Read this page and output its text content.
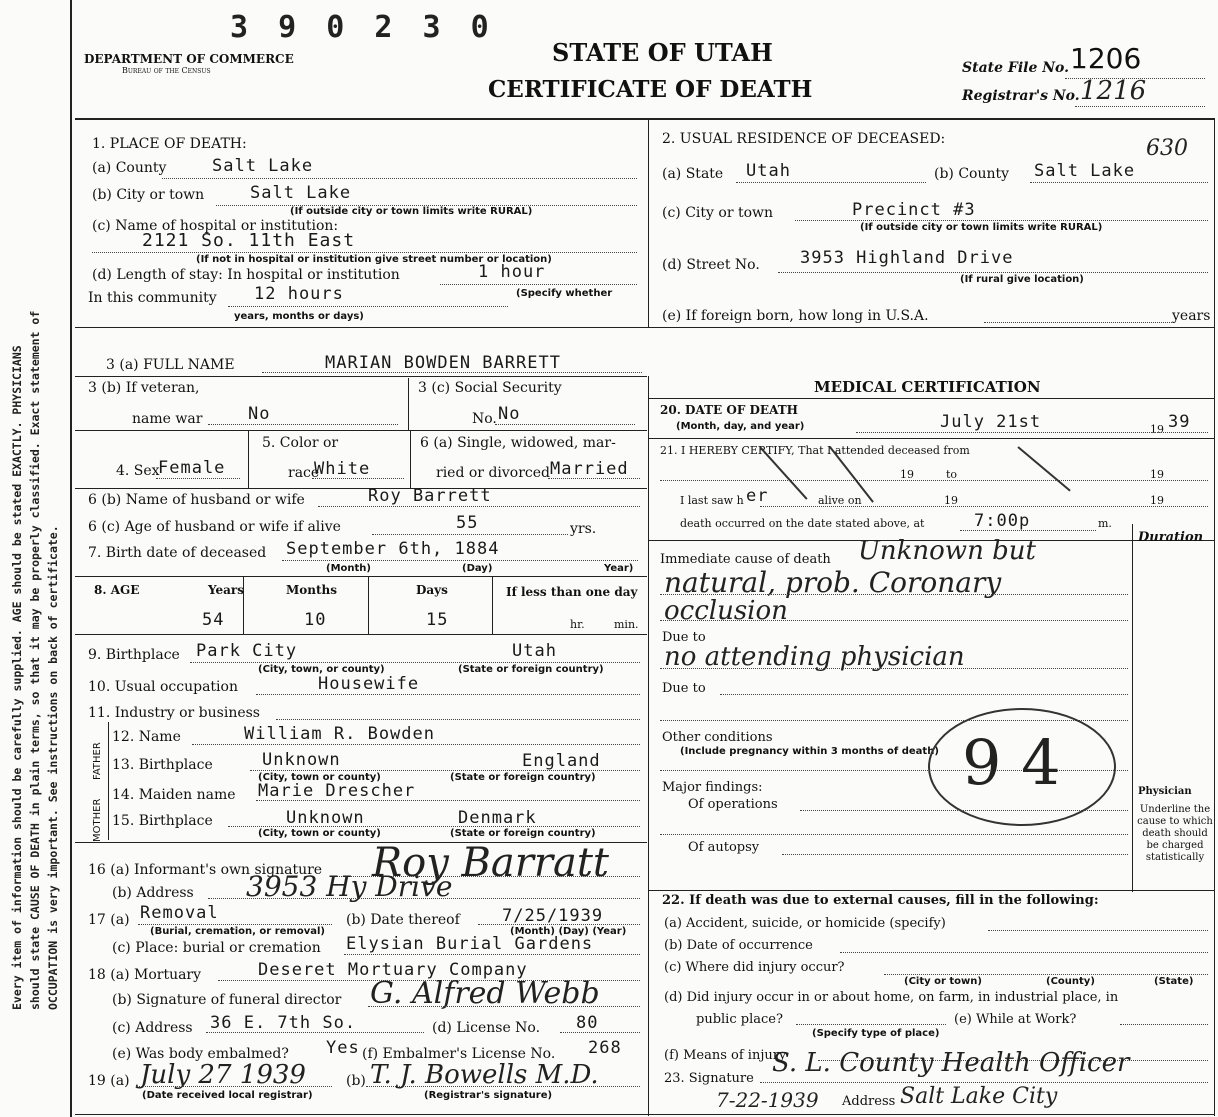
Every item of information should be carefully supplied. AGE should be stated EXACTLY. PHYSICIANS should state CAUSE OF DEATH in plain terms, so that it may be properly classified. Exact statement of OCCUPATION is very important. See instructions on back of certificate.
3 9 0 2 3 0
DEPARTMENT OF COMMERCE
Bureau of the Census
STATE OF UTAH
CERTIFICATE OF DEATH
State File No. 1206
Registrar's No. 1216
1. PLACE OF DEATH:
(a) County	Salt Lake
(b) City or town	Salt Lake
(If outside city or town limits write RURAL)
(c) Name of hospital or institution:
2121 So. 11th East
(If not in hospital or institution give street number or location)
(d) Length of stay: In hospital or institution	1 hour
In this community 12 hours	(Specify whether
years, months or days)
2. USUAL RESIDENCE OF DECEASED:	630
(a) State Utah	(b) County Salt Lake
(c) City or town	Precinct #3
(If outside city or town limits write RURAL)
(d) Street No. 3953 Highland Drive
(If rural give location)
(e) If foreign born, how long in U.S.A.	years
3 (a) FULL NAME	MARIAN BOWDEN BARRETT
3 (b) If veteran,
name war	No
3 (c) Social Security
No. No
4. Sex
Female
5. Color or
race
White
6 (a) Single, widowed, mar-
ried or divorced Married
6 (b) Name of husband or wife	Roy Barrett
6 (c) Age of husband or wife if alive	55	yrs.
7. Birth date of deceased September 6th, 1884
(Month)	(Day)	Year)
8. AGE	Years	Months	Days	If less than one day
54	10	15	hr.	min.
9. Birthplace Park City	Utah
(City, town, or county)	(State or foreign country)
10. Usual occupation	Housewife
11. Industry or business
FATHER
MOTHER
12. Name	William R. Bowden
13. Birthplace	Unknown	England
(City, town or county)	(State or foreign country)
14. Maiden name Marie Drescher
15. Birthplace	Unknown	Denmark
(City, town or county)	(State or foreign country)
16 (a) Informant's own signature Roy Barratt
(b) Address 3953 Hy Drive
17 (a) Removal
(Burial, cremation, or removal)
(b) Date thereof 7/25/1939
(Month) (Day) (Year)
(c) Place: burial or cremation Elysian Burial Gardens
18 (a) Mortuary	Deseret Mortuary Company
(b) Signature of funeral director G. Alfred Webb
(c) Address 36 E. 7th So.	(d) License No. 80
(e) Was body embalmed? Yes (f) Embalmer's License No. 268
19 (a) July 27 1939
(Date received local registrar)
(b) T. J. Bowells M.D.
(Registrar's signature)
MEDICAL CERTIFICATION
20. DATE OF DEATH
(Month, day, and year)	July 21st	19 39
21. I HEREBY CERTIFY, That I attended deceased from
19	to	19
I last saw h er	alive on	19	19
death occurred on the date stated above, at	7:00p	m.
Duration
Immediate cause of death Unknown but
natural, prob. Coronary
occlusion
Due to
no attending physician
Due to
Other conditions
(Include pregnancy within 3 months of death) 9 4
Major findings:
Of operations
Of autopsy
Physician
Underline the cause to which death should be charged statistically
22. If death was due to external causes, fill in the following:
(a) Accident, suicide, or homicide (specify)
(b) Date of occurrence
(c) Where did injury occur?
(City or town)	(County)	(State)
(d) Did injury occur in or about home, on farm, in industrial place, in
public place?
(Specify type of place)
(e) While at Work?
(f) Means of injury
23. Signature
S. L. County Health Officer
7-22-1939 Address Salt Lake City
